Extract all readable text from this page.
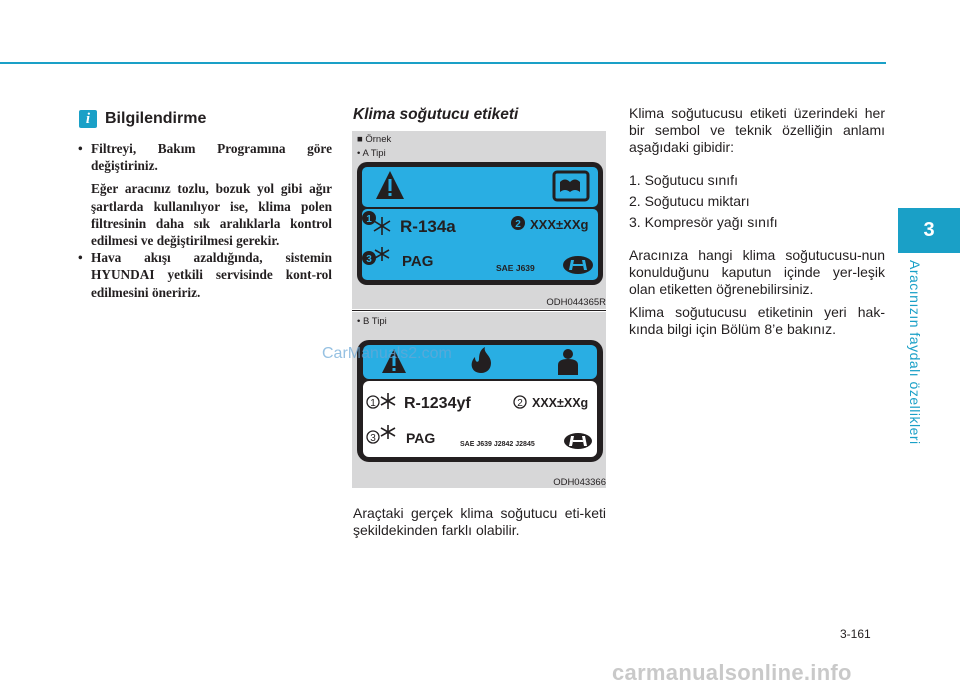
3
Aracınızın faydalı özellikleri
i Bilgilendirme
• Filtreyi, Bakım Programına göre değiştiriniz.

Eğer aracınız tozlu, bozuk yol gibi ağır şartlarda kullanılıyor ise, klima polen filtresinin daha sık aralıklarla kontrol edilmesi ve değiştirilmesi gerekir.

• Hava akışı azaldığında, sistemin HYUNDAI yetkili servisinde kont-rol edilmesini öneririz.
Klima soğutucu etiketi
■ Örnek
• A Tipi
1 R-134a	2 XXX±XXg
3 PAG	SAE J639
ODH044365R
• B Tipi
1 R-1234yf	2 XXX±XXg
3 PAG	SAE J639 J2842 J2845
ODH043366
Araçtaki gerçek klima soğutucu eti-keti şekildekinden farklı olabilir.

Klima soğutucusu etiketi üzerindeki her bir sembol ve teknik özelliğin anlamı aşağıdaki gibidir:

1. Soğutucu sınıfı
2. Soğutucu miktarı
3. Kompresör yağı sınıfı

Aracınıza hangi klima soğutucusu-nun konulduğunu kaputun içinde yer-leşik olan etiketten öğrenebilirsiniz.

Klima soğutucusu etiketinin yeri hak-kında bilgi için Bölüm 8’e bakınız.

CarManuals2.com
3-161
carmanualsonline.info
